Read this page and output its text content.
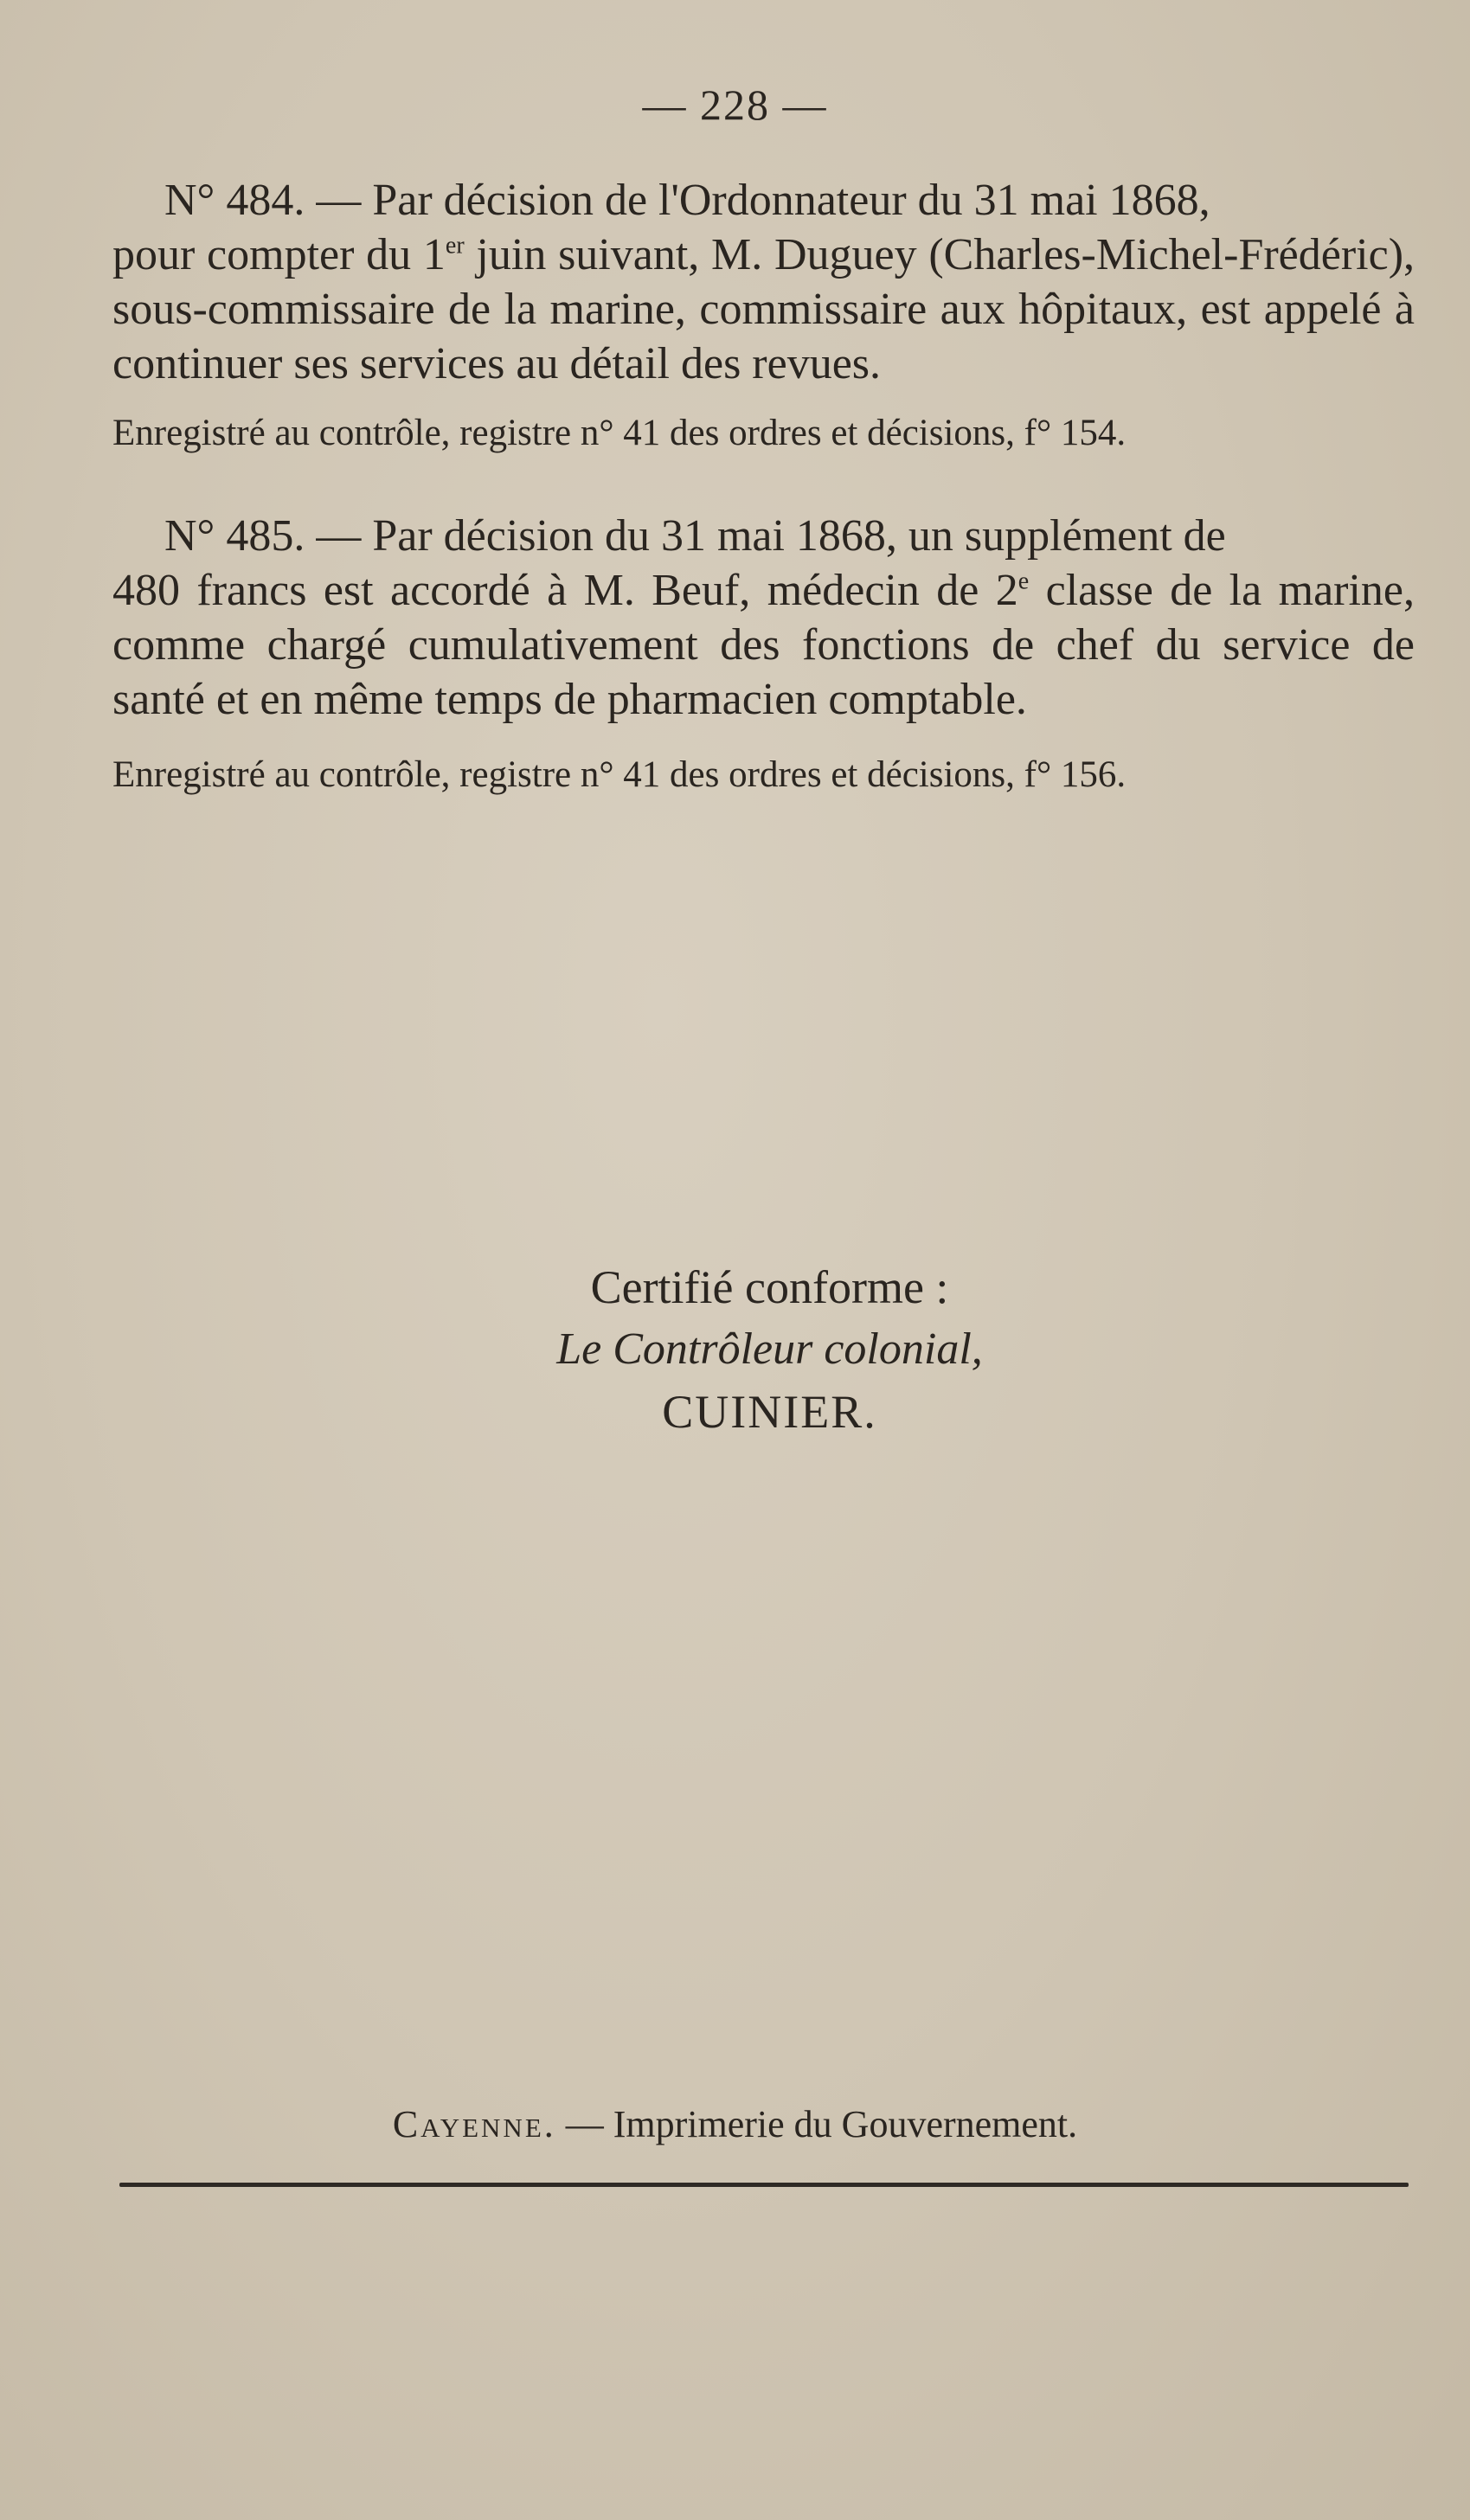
— 228 —

N° 484. — Par décision de l'Ordonnateur du 31 mai 1868,
pour compter du 1er juin suivant, M. Duguey (Charles-Michel-Frédéric), sous-commissaire de la marine, commissaire aux hôpitaux, est appelé à continuer ses services au détail des revues.

Enregistré au contrôle, registre n° 41 des ordres et décisions, f° 154.

N° 485. — Par décision du 31 mai 1868, un supplément de
480 francs est accordé à M. Beuf, médecin de 2e classe de la marine, comme chargé cumulativement des fonctions de chef du service de santé et en même temps de pharmacien comptable.

Enregistré au contrôle, registre n° 41 des ordres et décisions, f° 156.

Certifié conforme :
Le Contrôleur colonial,
CUINIER.
Cayenne. — Imprimerie du Gouvernement.
